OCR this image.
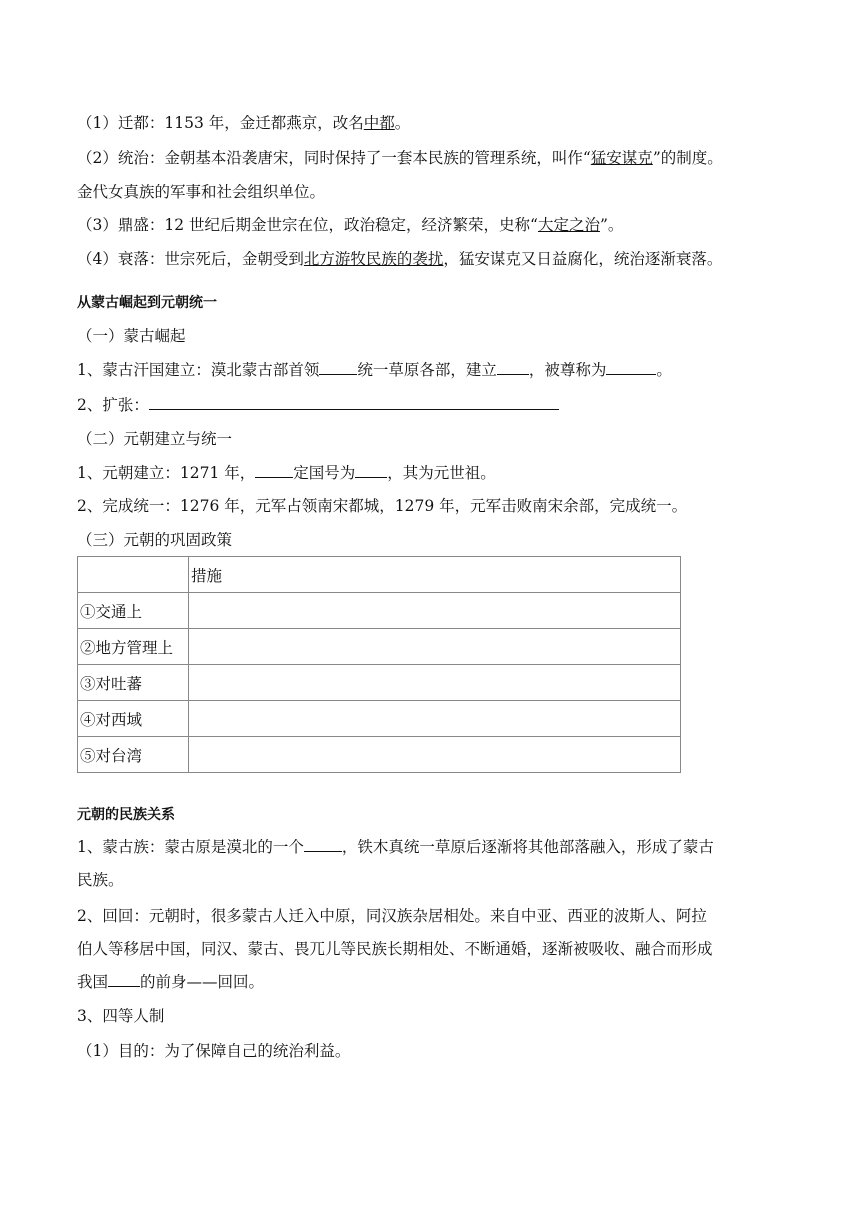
（1）迁都：1153 年，金迁都燕京，改名中都。
（2）统治：金朝基本沿袭唐宋，同时保持了一套本民族的管理系统，叫作“猛安谋克”的制度。
金代女真族的军事和社会组织单位。
（3）鼎盛：12 世纪后期金世宗在位，政治稳定，经济繁荣，史称“大定之治”。
（4）衰落：世宗死后，金朝受到北方游牧民族的袭扰，猛安谋克又日益腐化，统治逐渐衰落。
从蒙古崛起到元朝统一
（一）蒙古崛起
1、蒙古汗国建立：漠北蒙古部首领 统一草原各部，建立 ，被尊称为	。
2、扩张：
（二）元朝建立与统一
1、元朝建立：1271 年， 定国号为 ，其为元世祖。
2、完成统一：1276 年，元军占领南宋都城，1279 年，元军击败南宋余部，完成统一。
（三）元朝的巩固政策
	措施
①交通上	
②地方管理上	
③对吐蕃	
④对西域	
⑤对台湾	
元朝的民族关系
1、蒙古族：蒙古原是漠北的一个 ，铁木真统一草原后逐渐将其他部落融入，形成了蒙古
民族。
2、回回：元朝时，很多蒙古人迁入中原，同汉族杂居相处。来自中亚、西亚的波斯人、阿拉
伯人等移居中国，同汉、蒙古、畏兀儿等民族长期相处、不断通婚，逐渐被吸收、融合而形成
我国 的前身——回回。
3、四等人制
（1）目的：为了保障自己的统治利益。
